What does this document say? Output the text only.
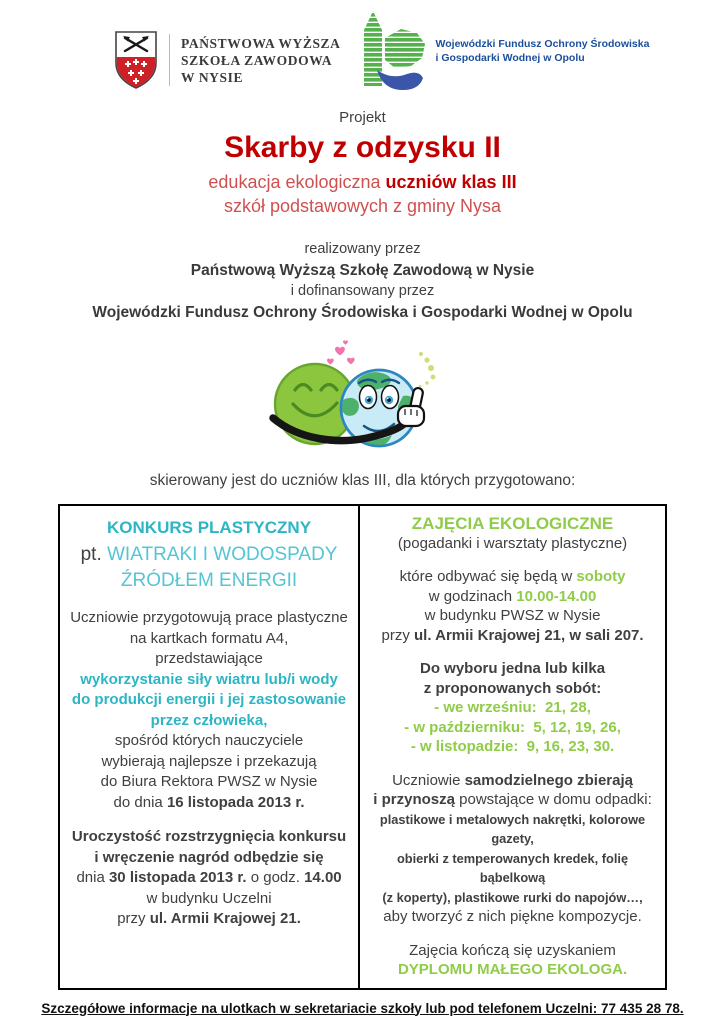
PAŃSTWOWA WYŻSZA
SZKOŁA ZAWODOWA
W NYSIE
Wojewódzki Fundusz Ochrony Środowiska
i Gospodarki Wodnej w Opolu
Projekt
Skarby z odzysku II
edukacja ekologiczna uczniów klas III
szkół podstawowych z gminy Nysa
realizowany przez
Państwową Wyższą Szkołę Zawodową w Nysie
i dofinansowany przez
Wojewódzki Fundusz Ochrony Środowiska i Gospodarki Wodnej w Opolu
skierowany jest do uczniów klas III, dla których przygotowano:
KONKURS PLASTYCZNY
pt. WIATRAKI I WODOSPADY
ŹRÓDŁEM ENERGII
Uczniowie przygotowują prace plastyczne
na kartkach formatu A4,
przedstawiające
wykorzystanie siły wiatru lub/i wody
do produkcji energii i jej zastosowanie
przez człowieka,
spośród których nauczyciele
wybierają najlepsze i przekazują
do Biura Rektora PWSZ w Nysie
do dnia 16 listopada 2013 r.
Uroczystość rozstrzygnięcia konkursu
i wręczenie nagród odbędzie się
dnia 30 listopada 2013 r. o godz. 14.00
w budynku Uczelni
przy ul. Armii Krajowej 21.
ZAJĘCIA EKOLOGICZNE
(pogadanki i warsztaty plastyczne)
które odbywać się będą w soboty
w godzinach 10.00-14.00
w budynku PWSZ w Nysie
przy ul. Armii Krajowej 21, w sali 207.
Do wyboru jedna lub kilka
z proponowanych sobót:
- we wrześniu:  21, 28,
- w październiku:  5, 12, 19, 26,
- w listopadzie:  9, 16, 23, 30.
Uczniowie samodzielnego zbierają
i przynoszą powstające w domu odpadki:
plastikowe i metalowych nakrętki, kolorowe gazety,
obierki z temperowanych kredek, folię bąbelkową
(z koperty), plastikowe rurki do napojów…,
aby tworzyć z nich piękne kompozycje.
Zajęcia kończą się uzyskaniem
DYPLOMU MAŁEGO EKOLOGA.
Szczegółowe informacje na ulotkach w sekretariacie szkoły lub pod telefonem Uczelni: 77 435 28 78.
